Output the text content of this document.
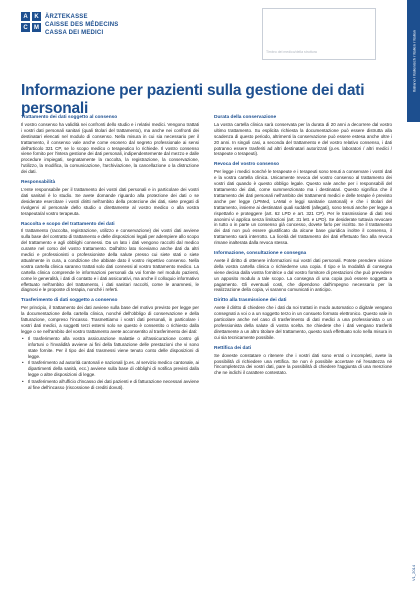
A	K
C	M
ÄRZTEKASSE
CAISSE DES MÉDECINS
CASSA DEI MEDICI
Timbro del medico/della struttura	Italiano / Italienisch / Italien / Italian
Informazione per pazienti sulla gestione dei dati personali
Trattamento dei dati soggetto al consenso

Il vostro consenso ha validità nei confronti dello studio e i relativi medici. Vengono trattati i vostri dati personali sanitari (quali titolari del trattamento), ma anche nei confronti dei destinatari elencati nel modulo di consenso. Nella misura in cui sia necessario per il trattamento, il consenso vale anche come esonero dal segreto professionale ai sensi dell'articolo 321 CP, se lo scopo medico o terapeutico lo richiede. Il vostro consenso viene fornito per l'intera gestione dei dati personali, indipendentemente dal mezzo e dalle procedure impiegati, segnatamente la raccolta, la registrazione, la conservazione, l'utilizzo, la modifica, la comunicazione, l'archiviazione, la cancellazione o la distruzione dei dati.

Responsabilità

L'ente responsabile per il trattamento dei vostri dati personali e in particolare dei vostri dati sanitari è lo studio. Se avete domande riguardo alla protezione dei dati o se desiderate esercitare i vostri diritti nell'ambito della protezione dei dati, siete pregati di rivolgervi al personale dello studio o direttamente al vostro medico o alla vostra terapeuta/al vostro terapeuta.

Raccolta e scopo del trattamento dei dati

Il trattamento (raccolta, registrazione, utilizzo e conservazione) dei vostri dati avviene sulla base del contratto di trattamento e delle disposizioni legali per adempiere allo scopo del trattamento e agli obblighi connessi. Da un lato i dati vengono raccolti dal medico curante nel corso del vostro trattamento. Dall'altro lato riceviamo anche dati da altri medici e professionisti o professioniste della salute presso cui siete stati o siete attualmente in cura, a condizione che abbiate dato il vostro rispettivo consenso. Nella vostra cartella clinica saranno trattati solo dati connessi al vostro trattamento medico. La cartella clinica comprende le informazioni personali da voi fornite nel modulo pazienti, come le generalità, i dati di contatto e i dati assicurativi, ma anche il colloquio informativo effettuato nell'ambito del trattamento, i dati sanitari raccolti, come le anamnesi, le diagnosi e le proposte di terapia, nonché i referti.

Trasferimento di dati soggetto a consenso

Per principio, il trattamento dei dati avviene sulla base del motivo previsto per legge per la documentazione della cartella clinica, nonché dell'obbligo di conservazione e della fatturazione, compreso l'incasso. Trasmettiamo i vostri dati personali, in particolare i vostri dati medici, a soggetti terzi esterni solo se questo è consentito o richiesto dalla legge o se nell'ambito del vostro trattamento avete acconsentito al trasferimento dei dati:

• Il trasferimento alla vostra assicurazione malattie o all'assicurazione contro gli infortuni o l'invalidità avviene ai fini della fatturazione delle prestazioni che vi sono state fornite. Per il tipo dei dati trasmessi viene tenuto conto delle disposizioni di legge.
• Il trasferimento ad autorità cantonali e nazionali (p.es. al servizio medico cantonale, ai dipartimenti della sanità, ecc.) avviene sulla base di obblighi di notifica previsti dalla legge o altre disposizioni di legge.
• Il trasferimento all'ufficio d'incasso dei dati pazienti e di fatturazione necessari avviene al fine dell'incasso (riscossione di crediti dovuti).
Durata della conservazione

La vostra cartella clinica sarà conservata per la durata di 20 anni a decorrere dal vostro ultimo trattamento. Su esplicita richiesta la documentazione può essere distrutta alla scadenza di questo periodo, altrimenti la conservazione può essere estesa anche oltre i 20 anni. In singoli casi, a seconda del trattamento e del vostro relativo consenso, i dati potranno essere trasferiti ad altri destinatari autorizzati (p.es. laboratori / altri medici / terapeute o terapeuti).

Revoca del vostro consenso

Per legge i medici nonché le terapeute e i terapeuti sono tenuti a conservare i vostri dati e la vostra cartella clinica. Unicamente revoca del vostro consenso al trattamento dei vostri dati quando è questo obbligo legale. Questo vale anche per i responsabili del trattamento dei dati, come summenzionato ma i destinatari. Questo significa che il trattamento dei dati personali nell'ambito dei trattamenti medici e delle terapie è previsto anche per legge (LPMed, LAMal e leggi sanitarie cantonali) e che i titolari del trattamento, insieme ai destinatari quali suddetti (allegati), sono tenuti anche per legge a rispettarlo e proteggere (art. 62 LPD e art. 321 CP). Per le trasmissione di dati resi anonimi vi applica senza limitazioni (art. 31 lett. e LPD). Se desiderate tuttavia revocare in tutto o in parte un consenso già concesso, dovete farlo per iscritto. Se il trattamento dei dati non può essere giustificato da alcune base giuridica inoltre il consenso, il trattamento sarà interrotto. La liceità del trattamento dei dati effettuato fino alla revoca rimane inalterata dalla revoca stessa.

Informazione, consultazione e consegna

Avete il diritto di ottenere informazioni sui vostri dati personali. Potete prendere visione della vostra cartella clinica o richiederne una copia. Il tipo e la modalità di consegna viene decisa dalla vostra fornitrice o dal vostro fornitore di prestazioni che può prevedere un apposito modulo a tale scopo. La consegna di una copia può essere soggetta a pagamento. Gli eventuali costi, che dipendono dall'impegno necessario per la realizzazione della copia, vi saranno comunicati in anticipo.

Diritto alla trasmissione dei dati

Avete il diritto di chiedere che i dati da noi trattati in modo automatico o digitale vengano consegnati a voi o a un soggetto terzo in un consueto formato elettronico. Questo vale in particolare anche nel caso di trasferimento di dati medici a una professionista o un professionista della salute di vostra scelta. Se chiedete che i dati vengano trasferiti direttamente a un altro titolare del trattamento, questo sarà effettuato solo nella misura in cui sia tecnicamente possibile.

Rettifica dei dati

Se doveste constatare o ritenere che i vostri dati sono errati o incompleti, avete la possibilità di richiedere una rettifica. Se non è possibile accertare né l'esattezza né l'incompletezza dei vostri dati, pare la possibilità di chiedere l'aggiunta di una menzione che ne indichi il carattere contestato.

V1_2014
